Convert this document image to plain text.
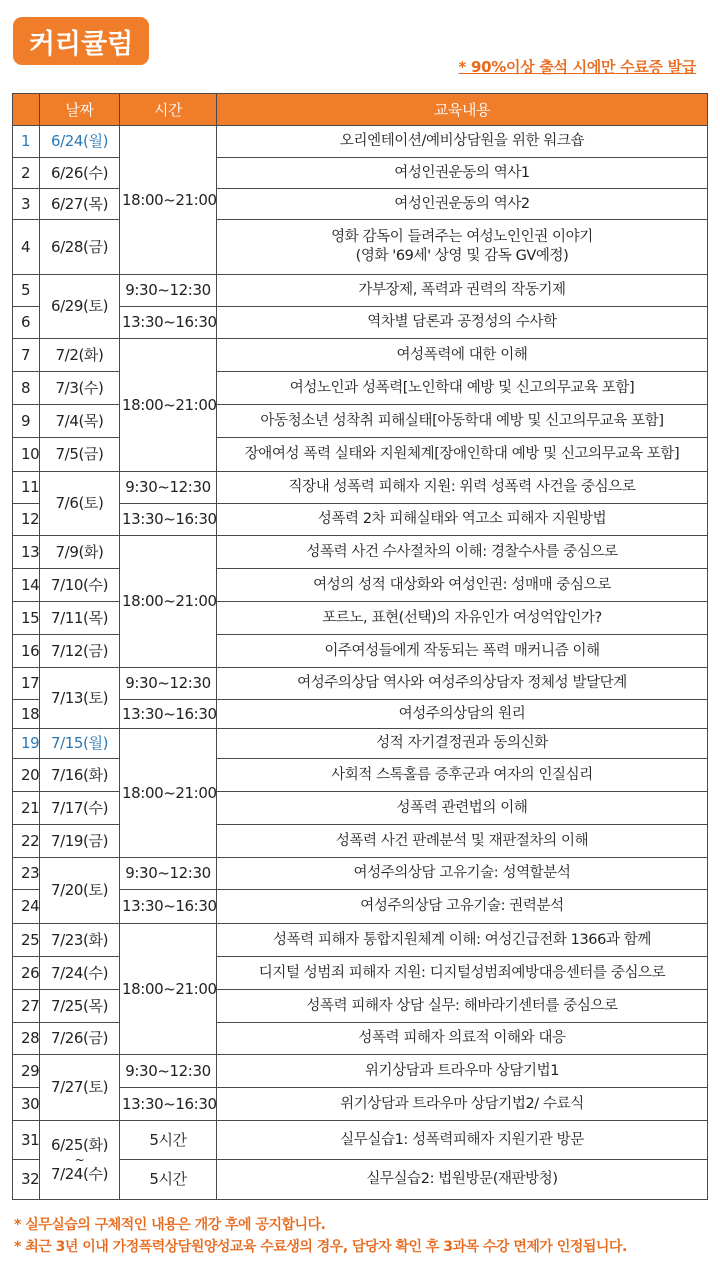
커리큘럼
* 90%이상 출석 시에만 수료증 발급
	날짜	시간	교육내용
1	6/24(월)	18:00~21:00	오리엔테이션/예비상담원을 위한 워크숍
2	6/26(수)		여성인권운동의 역사1
3	6/27(목)		여성인권운동의 역사2
4	6/28(금)		영화 감독이 들려주는 여성노인인권 이야기
(영화 '69세' 상영 및 감독 GV예정)

5	6/29(토)	9:30~12:30	가부장제, 폭력과 권력의 작동기제
6		13:30~16:30	역차별 담론과 공정성의 수사학
7	7/2(화)	18:00~21:00	여성폭력에 대한 이해
8	7/3(수)		여성노인과 성폭력[노인학대 예방 및 신고의무교육 포함]
9	7/4(목)		아동청소년 성착취 피해실태[아동학대 예방 및 신고의무교육 포함]
10	7/5(금)		장애여성 폭력 실태와 지원체계[장애인학대 예방 및 신고의무교육 포함]
11	7/6(토)	9:30~12:30	직장내 성폭력 피해자 지원: 위력 성폭력 사건을 중심으로
12		13:30~16:30	성폭력 2차 피해실태와 역고소 피해자 지원방법
13	7/9(화)	18:00~21:00	성폭력 사건 수사절차의 이해: 경찰수사를 중심으로
14	7/10(수)		여성의 성적 대상화와 여성인권: 성매매 중심으로
15	7/11(목)		포르노, 표현(선택)의 자유인가 여성억압인가?
16	7/12(금)		이주여성들에게 작동되는 폭력 매커니즘 이해
17	7/13(토)	9:30~12:30	여성주의상담 역사와 여성주의상담자 정체성 발달단계
18		13:30~16:30	여성주의상담의 원리
19	7/15(월)	18:00~21:00	성적 자기결정권과 동의신화
20	7/16(화)		사회적 스톡홀름 증후군과 여자의 인질심리
21	7/17(수)		성폭력 관련법의 이해
22	7/19(금)		성폭력 사건 판례분석 및 재판절차의 이해
23	7/20(토)	9:30~12:30	여성주의상담 고유기술: 성역할분석
24		13:30~16:30	여성주의상담 고유기술: 권력분석
25	7/23(화)	18:00~21:00	성폭력 피해자 통합지원체계 이해: 여성긴급전화 1366과 함께
26	7/24(수)		디지털 성범죄 피해자 지원: 디지털성범죄예방대응센터를 중심으로
27	7/25(목)		성폭력 피해자 상담 실무: 해바라기센터를 중심으로
28	7/26(금)		성폭력 피해자 의료적 이해와 대응
29	7/27(토)	9:30~12:30	위기상담과 트라우마 상담기법1
30		13:30~16:30	위기상담과 트라우마 상담기법2/ 수료식
31	6/25(화)
~
7/24(수)	5시간	실무실습1: 성폭력피해자 지원기관 방문
32		5시간	실무실습2: 법원방문(재판방청)
* 실무실습의 구체적인 내용은 개강 후에 공지합니다.
* 최근 3년 이내 가정폭력상담원양성교육 수료생의 경우, 담당자 확인 후 3과목 수강 면제가 인정됩니다.
